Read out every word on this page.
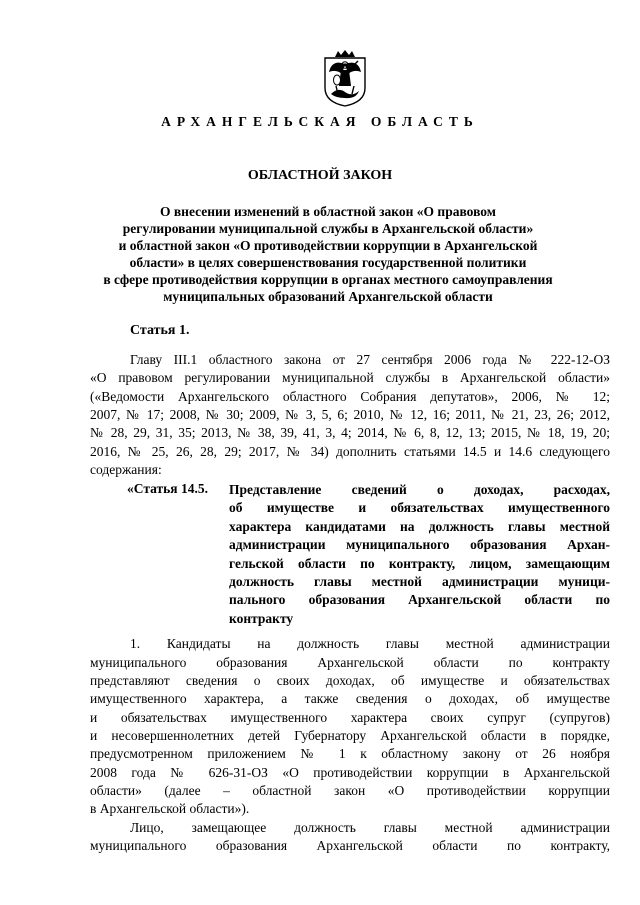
АРХАНГЕЛЬСКАЯ ОБЛАСТЬ
ОБЛАСТНОЙ ЗАКОН
О внесении изменений в областной закон «О правовом
регулировании муниципальной службы в Архангельской области»
и областной закон «О противодействии коррупции в Архангельской
области» в целях совершенствования государственной политики
в сфере противодействия коррупции в органах местного самоуправления
муниципальных образований Архангельской области
Статья 1.
Главу III.1 областного закона от 27 сентября 2006 года № 222-12-ОЗ
«О правовом регулировании муниципальной службы в Архангельской области»
(«Ведомости Архангельского областного Собрания депутатов», 2006, № 12;
2007, № 17; 2008, № 30; 2009, № 3, 5, 6; 2010, № 12, 16; 2011, № 21, 23, 26; 2012,
№ 28, 29, 31, 35; 2013, № 38, 39, 41, 3, 4; 2014, № 6, 8, 12, 13; 2015, № 18, 19, 20;
2016, № 25, 26, 28, 29; 2017, № 34) дополнить статьями 14.5 и 14.6 следующего
содержания:
«Статья 14.5. Представление сведений о доходах, расходах,
об имуществе и обязательствах имущественного
характера кандидатами на должность главы местной
администрации муниципального образования Архан-
гельской области по контракту, лицом, замещающим
должность главы местной администрации муници-
пального образования Архангельской области по
контракту
1. Кандидаты на должность главы местной администрации
муниципального образования Архангельской области по контракту
представляют сведения о своих доходах, об имуществе и обязательствах
имущественного характера, а также сведения о доходах, об имуществе
и обязательствах имущественного характера своих супруг (супругов)
и несовершеннолетних детей Губернатору Архангельской области в порядке,
предусмотренном приложением № 1 к областному закону от 26 ноября
2008 года № 626-31-ОЗ «О противодействии коррупции в Архангельской
области» (далее – областной закон «О противодействии коррупции
в Архангельской области»).
Лицо, замещающее должность главы местной администрации
муниципального образования Архангельской области по контракту,
